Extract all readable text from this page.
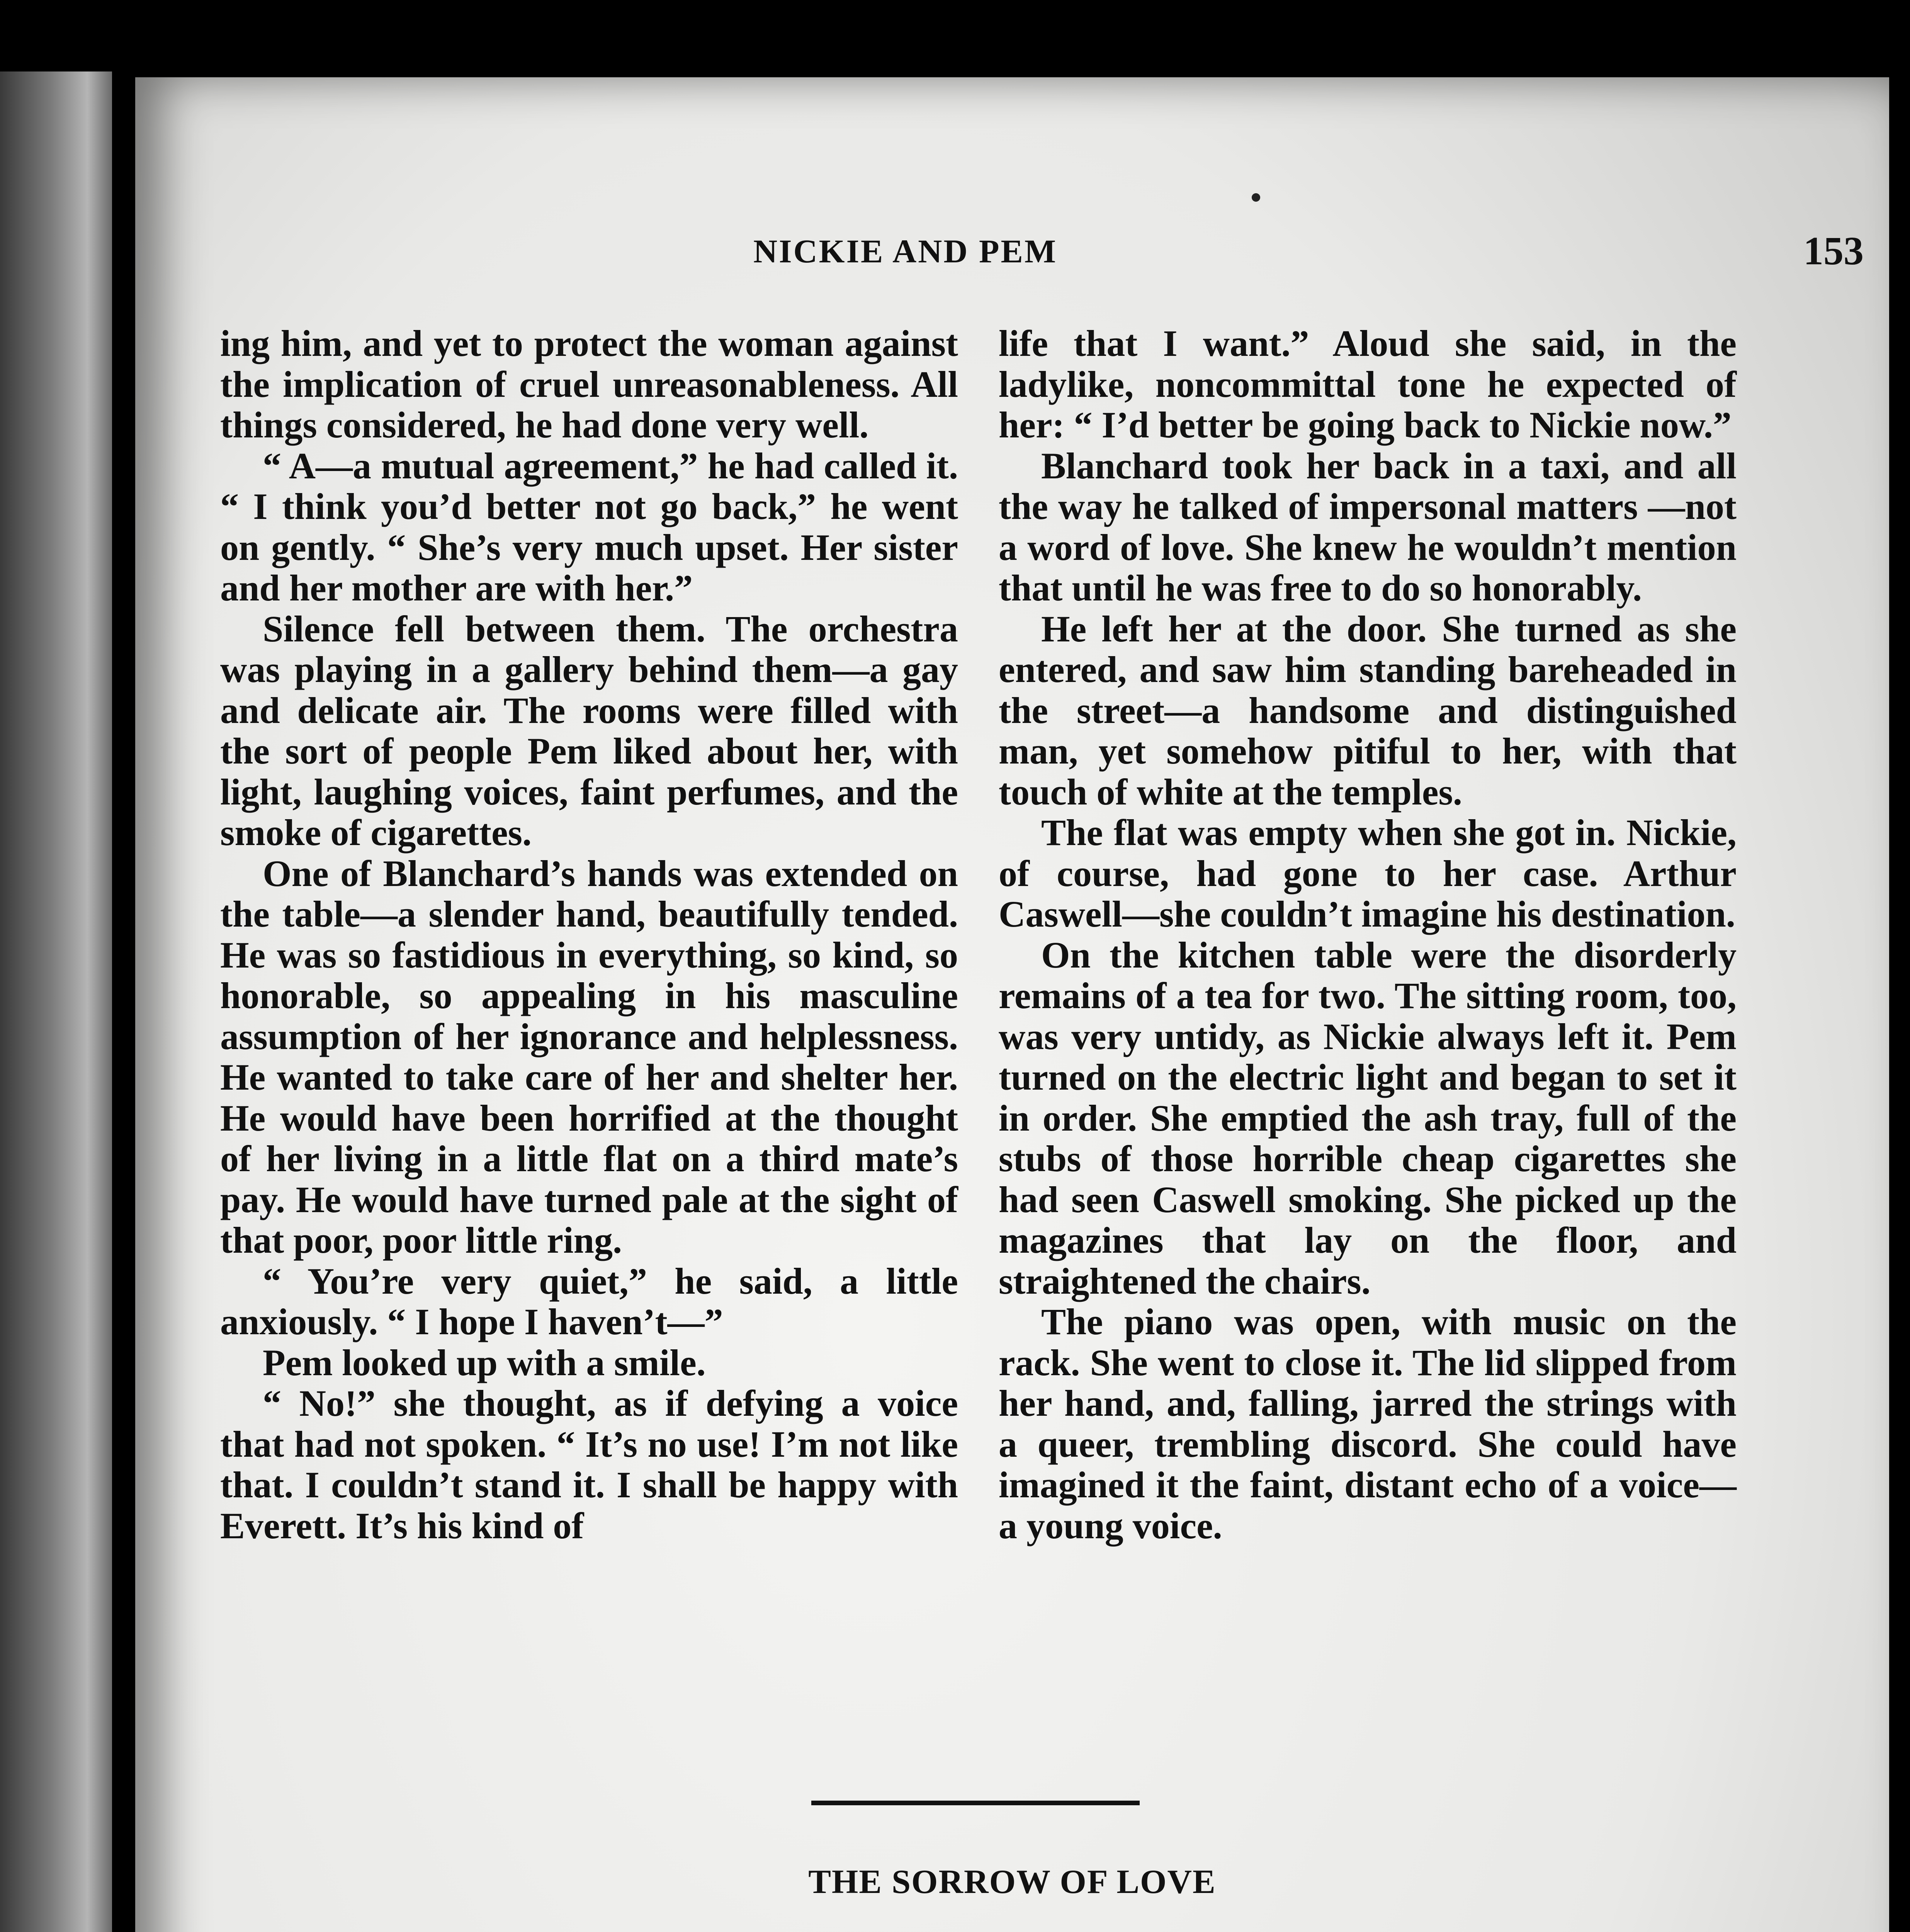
NICKIE AND PEM	153

ing him, and yet to protect the woman against the implication of cruel unreasonableness. All things considered, he had done very well.

“ A—a mutual agreement,” he had called it. “ I think you’d better not go back,” he went on gently. “ She’s very much upset. Her sister and her mother are with her.”

Silence fell between them. The orchestra was playing in a gallery behind them—a gay and delicate air. The rooms were filled with the sort of people Pem liked about her, with light, laughing voices, faint perfumes, and the smoke of cigarettes.

One of Blanchard’s hands was extended on the table—a slender hand, beautifully tended. He was so fastidious in everything, so kind, so honorable, so appealing in his masculine assumption of her ignorance and helplessness. He wanted to take care of her and shelter her. He would have been horrified at the thought of her living in a little flat on a third mate’s pay. He would have turned pale at the sight of that poor, poor little ring.

“ You’re very quiet,” he said, a little anxiously. “ I hope I haven’t—”

Pem looked up with a smile.

“ No!” she thought, as if defying a voice that had not spoken. “ It’s no use! I’m not like that. I couldn’t stand it. I shall be happy with Everett. It’s his kind of

life that I want.” Aloud she said, in the ladylike, noncommittal tone he expected of her: “ I’d better be going back to Nickie now.”

Blanchard took her back in a taxi, and all the way he talked of impersonal matters —not a word of love. She knew he wouldn’t mention that until he was free to do so honorably.

He left her at the door. She turned as she entered, and saw him standing bareheaded in the street—a handsome and distinguished man, yet somehow pitiful to her, with that touch of white at the temples.

The flat was empty when she got in. Nickie, of course, had gone to her case. Arthur Caswell—she couldn’t imagine his destination.

On the kitchen table were the disorderly remains of a tea for two. The sitting room, too, was very untidy, as Nickie always left it. Pem turned on the electric light and began to set it in order. She emptied the ash tray, full of the stubs of those horrible cheap cigarettes she had seen Caswell smoking. She picked up the magazines that lay on the floor, and straightened the chairs.

The piano was open, with music on the rack. She went to close it. The lid slipped from her hand, and, falling, jarred the strings with a queer, trembling discord. She could have imagined it the faint, distant echo of a voice—a young voice.

THE SORROW OF LOVE
